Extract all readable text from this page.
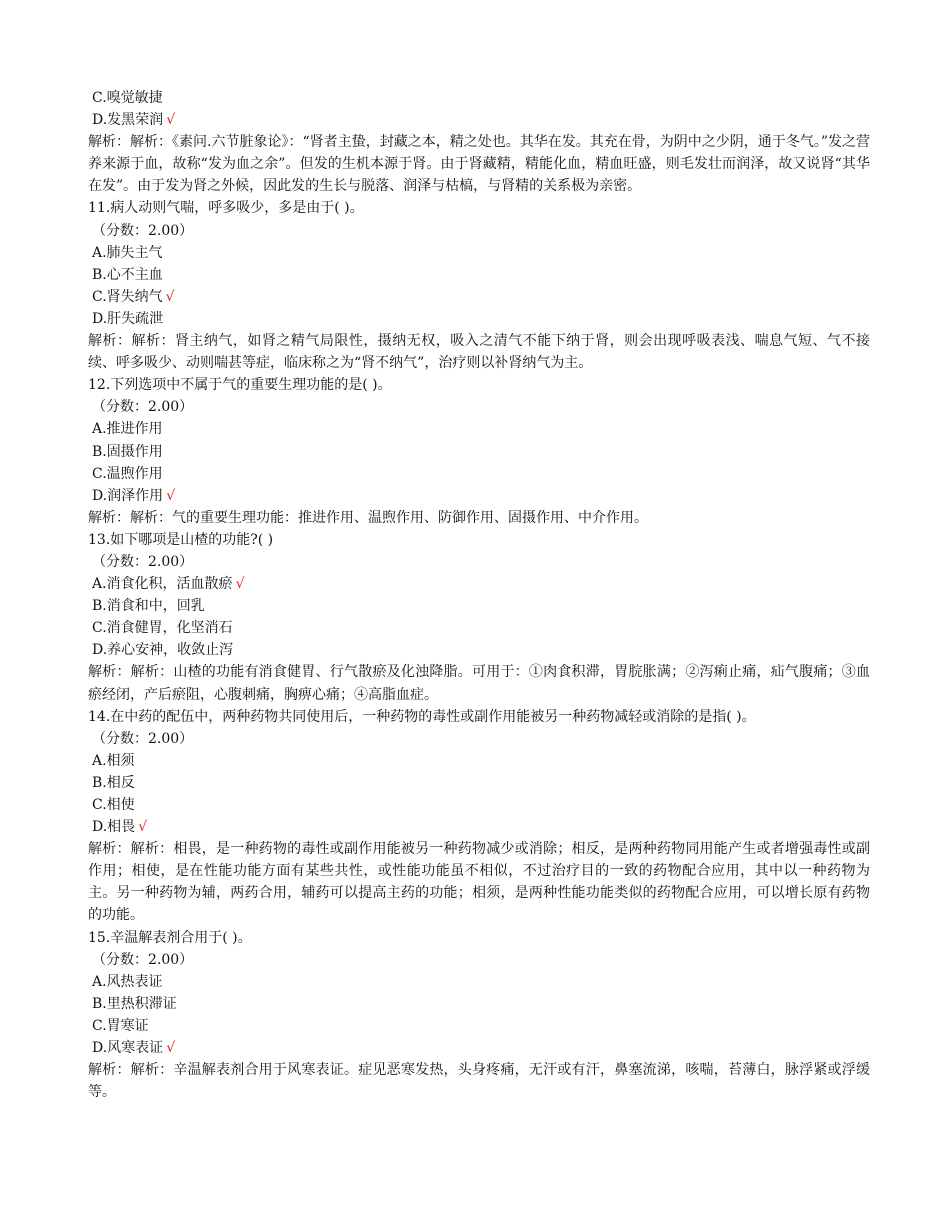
C.嗅觉敏捷
D.发黑荣润 √
解析：解析：《素问.六节脏象论》：“肾者主蛰，封藏之本，精之处也。其华在发。其充在骨，为阴中之少阴，通于冬气。”发之营养来源于血，故称“发为血之余”。但发的生机本源于肾。由于肾藏精，精能化血，精血旺盛，则毛发壮而润泽，故又说肾“其华在发”。由于发为肾之外候，因此发的生长与脱落、润泽与枯槁，与肾精的关系极为亲密。
11.病人动则气喘，呼多吸少，多是由于( )。
（分数：2.00）
A.肺失主气
B.心不主血
C.肾失纳气 √
D.肝失疏泄
解析：解析：肾主纳气，如肾之精气局限性，摄纳无权，吸入之清气不能下纳于肾，则会出现呼吸表浅、喘息气短、气不接续、呼多吸少、动则喘甚等症，临床称之为“肾不纳气”，治疗则以补肾纳气为主。
12.下列选项中不属于气的重要生理功能的是( )。
（分数：2.00）
A.推进作用
B.固摄作用
C.温煦作用
D.润泽作用 √
解析：解析：气的重要生理功能：推进作用、温煦作用、防御作用、固摄作用、中介作用。
13.如下哪项是山楂的功能?( )
（分数：2.00）
A.消食化积，活血散瘀 √
B.消食和中，回乳
C.消食健胃，化坚消石
D.养心安神，收敛止泻
解析：解析：山楂的功能有消食健胃、行气散瘀及化浊降脂。可用于：①肉食积滞，胃脘胀满；②泻痢止痛，疝气腹痛；③血瘀经闭，产后瘀阻，心腹刺痛，胸痹心痛；④高脂血症。
14.在中药的配伍中，两种药物共同使用后，一种药物的毒性或副作用能被另一种药物减轻或消除的是指( )。
（分数：2.00）
A.相须
B.相反
C.相使
D.相畏 √
解析：解析：相畏，是一种药物的毒性或副作用能被另一种药物减少或消除；相反，是两种药物同用能产生或者增强毒性或副作用；相使，是在性能功能方面有某些共性，或性能功能虽不相似，不过治疗目的一致的药物配合应用，其中以一种药物为主。另一种药物为辅，两药合用，辅药可以提高主药的功能；相须，是两种性能功能类似的药物配合应用，可以增长原有药物的功能。
15.辛温解表剂合用于( )。
（分数：2.00）
A.风热表证
B.里热积滞证
C.胃寒证
D.风寒表证 √
解析：解析：辛温解表剂合用于风寒表证。症见恶寒发热，头身疼痛，无汗或有汗，鼻塞流涕，咳喘，苔薄白，脉浮紧或浮缓等。
